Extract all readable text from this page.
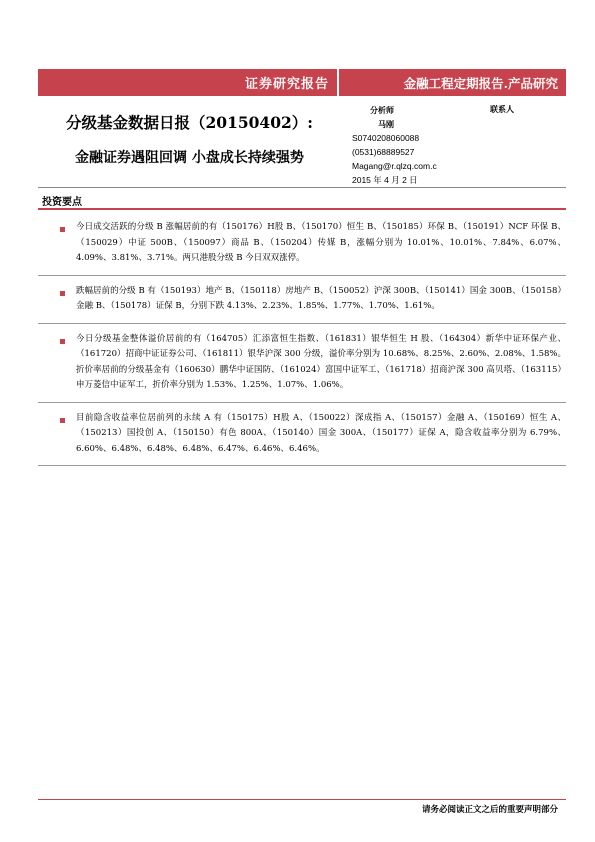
证券研究报告	金融工程定期报告.产品研究
分级基金数据日报（20150402）:
金融证券遇阻回调 小盘成长持续强势
分析师
马刚
S0740208060088
(0531)68889527
Magang@r.qlzq.com.c
2015 年 4 月 2 日
联系人
投资要点

今日成交活跃的分级 B 涨幅居前的有（150176）H股 B、（150170）恒生 B、（150185）环保 B、（150191）NCF 环保 B、（150029）中证 500B、（150097）商品 B、（150204）传媒 B，涨幅分别为 10.01%、10.01%、7.84%、6.07%、4.09%、3.81%、3.71%。两只港股分级 B 今日双双涨停。

跌幅居前的分级 B 有（150193）地产 B、（150118）房地产 B、（150052）沪深 300B、（150141）国金 300B、（150158）金融 B、（150178）证保 B，分别下跌 4.13%、2.23%、1.85%、1.77%、1.70%、1.61%。

今日分级基金整体溢价居前的有（164705）汇添富恒生指数、（161831）银华恒生 H 股、（164304）新华中证环保产业、（161720）招商中证证券公司、（161811）银华沪深 300 分级，溢价率分别为 10.68%、8.25%、2.60%、2.08%、1.58%。折价率居前的分级基金有（160630）鹏华中证国防、（161024）富国中证军工、（161718）招商沪深 300 高贝塔、（163115）申万菱信中证军工，折价率分别为 1.53%、1.25%、1.07%、1.06%。

目前隐含收益率位居前列的永续 A 有（150175）H股 A、（150022）深成指 A、（150157）金融 A、（150169）恒生 A、（150213）国投创 A、（150150）有色 800A、（150140）国金 300A、（150177）证保 A，隐含收益率分别为 6.79%、6.60%、6.48%、6.48%、6.48%、6.47%、6.46%、6.46%。

请务必阅读正文之后的重要声明部分
